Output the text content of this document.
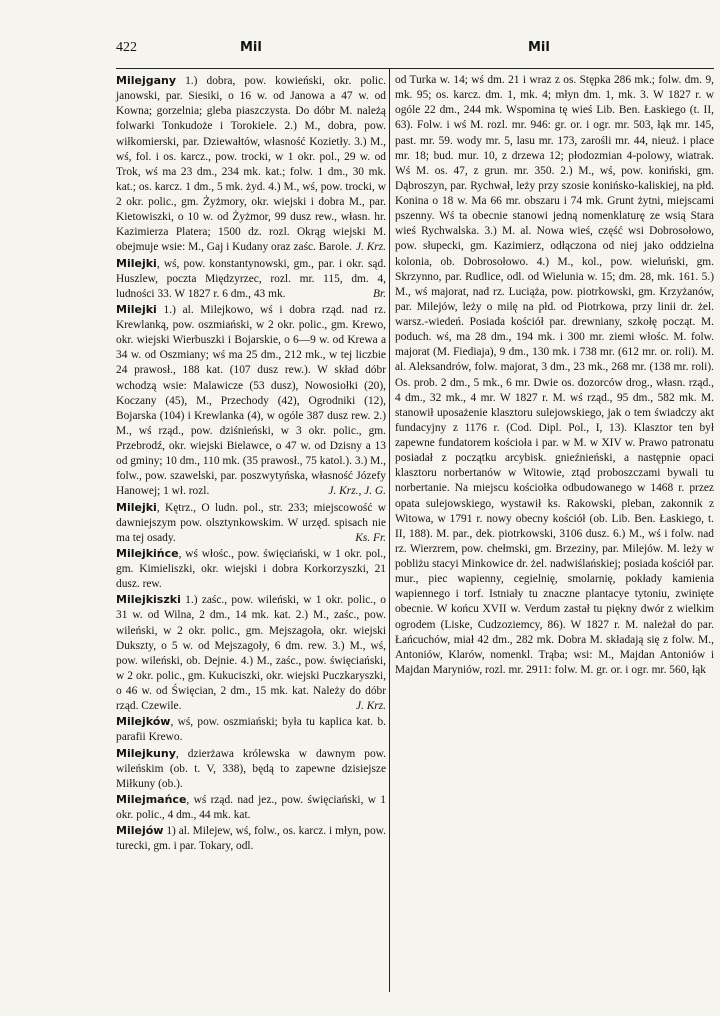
422	Mil	Mil

Milejgany 1.) dobra, pow. kowieński, okr. polic. janowski, par. Siesiki, o 16 w. od Janowa a 47 w. od Kowna; gorzelnia; gleba piaszczysta. Do dóbr M. należą folwarki Tonkudoże i Torokiele. 2.) M., dobra, pow. wiłkomierski, par. Dziewałtów, własność Kozietły. 3.) M., wś, fol. i os. karcz., pow. trocki, w 1 okr. pol., 29 w. od Trok, wś ma 23 dm., 234 mk. kat.; folw. 1 dm., 30 mk. kat.; os. karcz. 1 dm., 5 mk. żyd. 4.) M., wś, pow. trocki, w 2 okr. polic., gm. Żyżmory, okr. wiejski i dobra M., par. Kietowiszki, o 10 w. od Żyżmor, 99 dusz rew., własn. hr. Kazimierza Platera; 1500 dz. rozl. Okrąg wiejski M. obejmuje wsie: M., Gaj i Kudany oraz zaśc. Barole. J. Krz.

Milejki, wś, pow. konstantynowski, gm., par. i okr. sąd. Huszlew, poczta Międzyrzec, rozl. mr. 115, dm. 4, ludności 33. W 1827 r. 6 dm., 43 mk.	Br.

Milejki 1.) al. Milejkowo, wś i dobra rząd. nad rz. Krewlanką, pow. oszmiański, w 2 okr. polic., gm. Krewo, okr. wiejski Wierbuszki i Bojarskie, o 6—9 w. od Krewa a 34 w. od Oszmiany; wś ma 25 dm., 212 mk., w tej liczbie 24 prawosł., 188 kat. (107 dusz rew.). W skład dóbr wchodzą wsie: Malawicze (53 dusz), Nowosiołki (20), Koczany (45), M., Przechody (42), Ogrodniki (12), Bojarska (104) i Krewlanka (4), w ogóle 387 dusz rew. 2.) M., wś rząd., pow. dziśnieński, w 3 okr. polic., gm. Przebrodź, okr. wiejski Bielawce, o 47 w. od Dzisny a 13 od gminy; 10 dm., 110 mk. (35 prawosł., 75 katol.). 3.) M., folw., pow. szawelski, par. poszwytyńska, własność Józefy Hanowej; 1 wł. rozl.	J. Krz., J. G.

Milejki, Kętrz., O ludn. pol., str. 233; miejscowość w dawniejszym pow. olsztynkowskim. W urzęd. spisach nie ma tej osady.	Ks. Fr.

Milejkińce, wś włośc., pow. święciański, w 1 okr. pol., gm. Kimieliszki, okr. wiejski i dobra Korkorzyszki, 21 dusz. rew.

Milejkiszki 1.) zaśc., pow. wileński, w 1 okr. polic., o 31 w. od Wilna, 2 dm., 14 mk. kat. 2.) M., zaśc., pow. wileński, w 2 okr. polic., gm. Mejszagoła, okr. wiejski Dukszty, o 5 w. od Mejszagoły, 6 dm. rew. 3.) M., wś, pow. wileński, ob. Dejnie. 4.) M., zaśc., pow. święciański, w 2 okr. polic., gm. Kukuciszki, okr. wiejski Puczkaryszki, o 46 w. od Święcian, 2 dm., 15 mk. kat. Należy do dóbr rząd. Czewile.	J. Krz.

Milejków, wś, pow. oszmiański; była tu kaplica kat. b. parafii Krewo.

Milejkuny, dzierżawa królewska w dawnym pow. wileńskim (ob. t. V, 338), będą to zapewne dzisiejsze Miłkuny (ob.).

Milejmańce, wś rząd. nad jez., pow. święciański, w 1 okr. polic., 4 dm., 44 mk. kat.

Milejów 1) al. Milejew, wś, folw., os. karcz. i młyn, pow. turecki, gm. i par. Tokary, odl.

od Turka w. 14; wś dm. 21 i wraz z os. Stępka 286 mk.; folw. dm. 9, mk. 95; os. karcz. dm. 1, mk. 4; młyn dm. 1, mk. 3. W 1827 r. w ogóle 22 dm., 244 mk. Wspomina tę wieś Lib. Ben. Łaskiego (t. II, 63). Folw. i wś M. rozl. mr. 946: gr. or. i ogr. mr. 503, łąk mr. 145, past. mr. 59. wody mr. 5, lasu mr. 173, zarośli mr. 44, nieuż. i place mr. 18; bud. mur. 10, z drzewa 12; płodozmian 4-polowy, wiatrak. Wś M. os. 47, z grun. mr. 350. 2.) M., wś, pow. koniński, gm. Dąbroszyn, par. Rychwał, leży przy szosie konińsko-kaliskiej, na płd. Konina o 18 w. Ma 66 mr. obszaru i 74 mk. Grunt żytni, miejscami pszenny. Wś ta obecnie stanowi jedną nomenklaturę ze wsią Stara wieś Rychwalska. 3.) M. al. Nowa wieś, część wsi Dobrosołowo, pow. słupecki, gm. Kazimierz, odłączona od niej jako oddzielna kolonia, ob. Dobrosołowo. 4.) M., kol., pow. wieluński, gm. Skrzynno, par. Rudlice, odl. od Wielunia w. 15; dm. 28, mk. 161. 5.) M., wś majorat, nad rz. Luciąża, pow. piotrkowski, gm. Krzyżanów, par. Milejów, leży o milę na płd. od Piotrkowa, przy linii dr. żel. warsz.-wiedeń. Posiada kościół par. drewniany, szkołę począt. M. poduch. wś, ma 28 dm., 194 mk. i 300 mr. ziemi włośc. M. folw. majorat (M. Fiediaja), 9 dm., 130 mk. i 738 mr. (612 mr. or. roli). M. al. Aleksandrów, folw. majorat, 3 dm., 23 mk., 268 mr. (138 mr. roli). Os. prob. 2 dm., 5 mk., 6 mr. Dwie os. dozorców drog., własn. rząd., 4 dm., 32 mk., 4 mr. W 1827 r. M. wś rząd., 95 dm., 582 mk. M. stanowił uposażenie klasztoru sulejowskiego, jak o tem świadczy akt fundacyjny z 1176 r. (Cod. Dipl. Pol., I, 13). Klasztor ten był zapewne fundatorem kościoła i par. w M. w XIV w. Prawo patronatu posiadał z początku arcybisk. gnieźnieński, a następnie opaci klasztoru norbertanów w Witowie, ztąd proboszczami bywali tu norbertanie. Na miejscu kościołka odbudowanego w 1468 r. przez opata sulejowskiego, wystawił ks. Rakowski, pleban, zakonnik z Witowa, w 1791 r. nowy obecny kościół (ob. Lib. Ben. Łaskiego, t. II, 188). M. par., dek. piotrkowski, 3106 dusz. 6.) M., wś i folw. nad rz. Wierzrem, pow. chełmski, gm. Brzeziny, par. Milejów. M. leży w pobliżu stacyi Minkowice dr. żel. nadwiślańskiej; posiada kościół par. mur., piec wapienny, cegielnię, smolarnię, pokłady kamienia wapiennego i torf. Istniały tu znaczne plantacye tytoniu, zwinięte obecnie. W końcu XVII w. Verdum zastał tu piękny dwór z wielkim ogrodem (Liske, Cudzoziemcy, 86). W 1827 r. M. należał do par. Łańcuchów, miał 42 dm., 282 mk. Dobra M. składają się z folw. M., Antoniów, Klarów, nomenkl. Trąba; wsi: M., Majdan Antoniów i Majdan Maryniów, rozl. mr. 2911: folw. M. gr. or. i ogr. mr. 560, łąk
